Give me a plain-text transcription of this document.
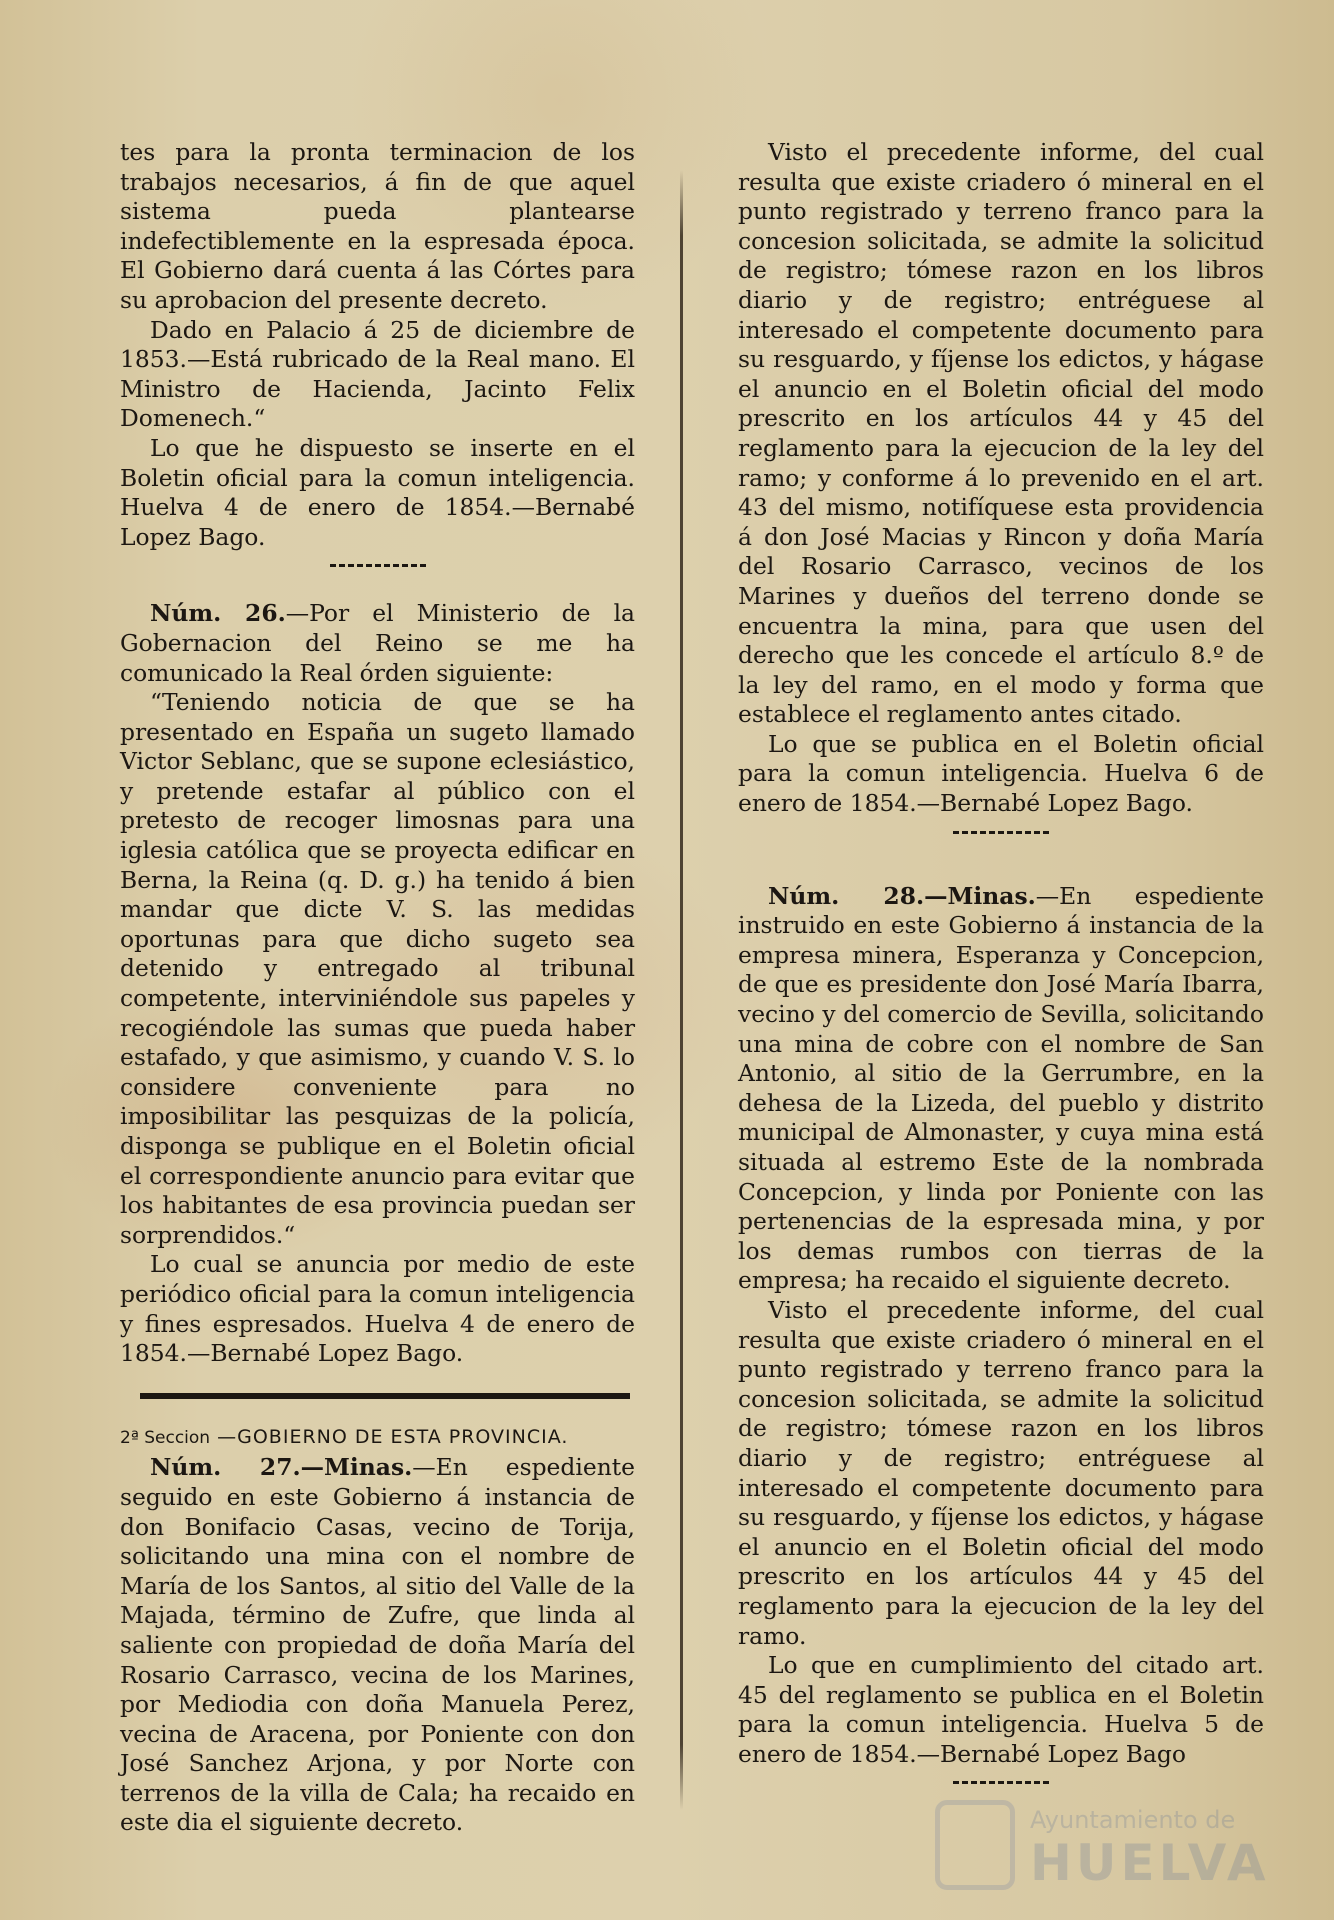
tes para la pronta terminacion de los trabajos necesarios, á fin de que aquel sistema pueda plantearse indefectiblemente en la espresada época. El Gobierno dará cuenta á las Córtes para su aprobacion del presente decreto.

Dado en Palacio á 25 de diciembre de 1853.—Está rubricado de la Real mano. El Ministro de Hacienda, Jacinto Felix Domenech.“

Lo que he dispuesto se inserte en el Boletin oficial para la comun inteligencia. Huelva 4 de enero de 1854.—Bernabé Lopez Bago.

Núm. 26.—Por el Ministerio de la Gobernacion del Reino se me ha comunicado la Real órden siguiente:

“Teniendo noticia de que se ha presentado en España un sugeto llamado Victor Seblanc, que se supone eclesiástico, y pretende estafar al público con el pretesto de recoger limosnas para una iglesia católica que se proyecta edificar en Berna, la Reina (q. D. g.) ha tenido á bien mandar que dicte V. S. las medidas oportunas para que dicho sugeto sea detenido y entregado al tribunal competente, interviniéndole sus papeles y recogiéndole las sumas que pueda haber estafado, y que asimismo, y cuando V. S. lo considere conveniente para no imposibilitar las pesquizas de la policía, disponga se publique en el Boletin oficial el correspondiente anuncio para evitar que los habitantes de esa provincia puedan ser sorprendidos.“

Lo cual se anuncia por medio de este periódico oficial para la comun inteligencia y fines espresados. Huelva 4 de enero de 1854.—Bernabé Lopez Bago.

2ª Seccion —GOBIERNO DE ESTA PROVINCIA.

Núm. 27.—Minas.—En espediente seguido en este Gobierno á instancia de don Bonifacio Casas, vecino de Torija, solicitando una mina con el nombre de María de los Santos, al sitio del Valle de la Majada, término de Zufre, que linda al saliente con propiedad de doña María del Rosario Carrasco, vecina de los Marines, por Mediodia con doña Manuela Perez, vecina de Aracena, por Poniente con don José Sanchez Arjona, y por Norte con terrenos de la villa de Cala; ha recaido en este dia el siguiente decreto.

Visto el precedente informe, del cual resulta que existe criadero ó mineral en el punto registrado y terreno franco para la concesion solicitada, se admite la solicitud de registro; tómese razon en los libros diario y de registro; entréguese al interesado el competente documento para su resguardo, y fíjense los edictos, y hágase el anuncio en el Boletin oficial del modo prescrito en los artículos 44 y 45 del reglamento para la ejecucion de la ley del ramo; y conforme á lo prevenido en el art. 43 del mismo, notifíquese esta providencia á don José Macias y Rincon y doña María del Rosario Carrasco, vecinos de los Marines y dueños del terreno donde se encuentra la mina, para que usen del derecho que les concede el artículo 8.º de la ley del ramo, en el modo y forma que establece el reglamento antes citado.

Lo que se publica en el Boletin oficial para la comun inteligencia. Huelva 6 de enero de 1854.—Bernabé Lopez Bago.

Núm. 28.—Minas.—En espediente instruido en este Gobierno á instancia de la empresa minera, Esperanza y Concepcion, de que es presidente don José María Ibarra, vecino y del comercio de Sevilla, solicitando una mina de cobre con el nombre de San Antonio, al sitio de la Gerrumbre, en la dehesa de la Lizeda, del pueblo y distrito municipal de Almonaster, y cuya mina está situada al estremo Este de la nombrada Concepcion, y linda por Poniente con las pertenencias de la espresada mina, y por los demas rumbos con tierras de la empresa; ha recaido el siguiente decreto.

Visto el precedente informe, del cual resulta que existe criadero ó mineral en el punto registrado y terreno franco para la concesion solicitada, se admite la solicitud de registro; tómese razon en los libros diario y de registro; entréguese al interesado el competente documento para su resguardo, y fíjense los edictos, y hágase el anuncio en el Boletin oficial del modo prescrito en los artículos 44 y 45 del reglamento para la ejecucion de la ley del ramo.

Lo que en cumplimiento del citado art. 45 del reglamento se publica en el Boletin para la comun inteligencia. Huelva 5 de enero de 1854.—Bernabé Lopez Bago

Ayuntamiento de
HUELVA
